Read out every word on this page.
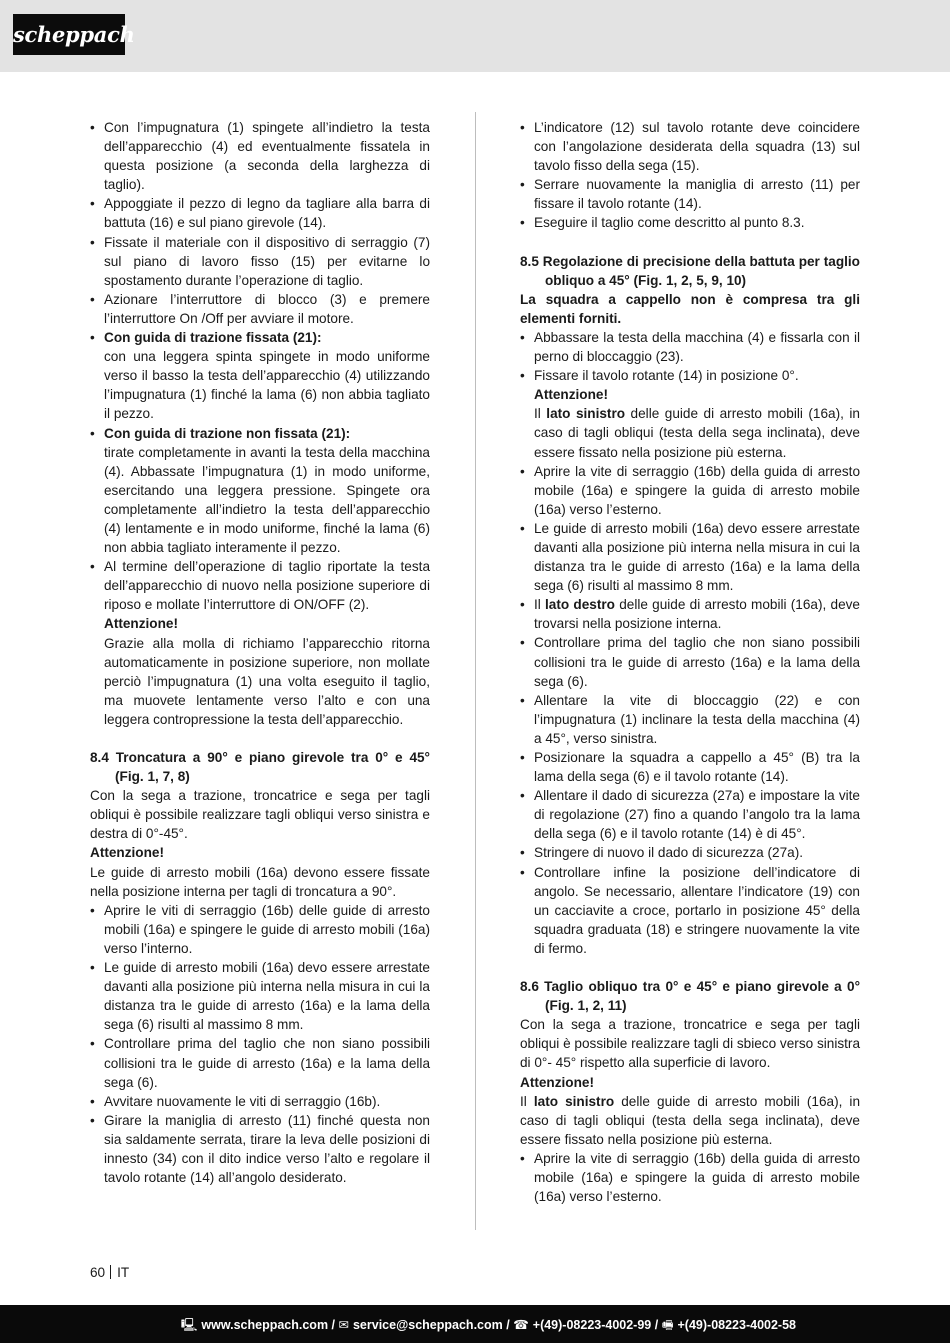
scheppach
• Con l’impugnatura (1) spingete all’indietro la testa dell’apparecchio (4) ed eventualmente fissatela in questa posizione (a seconda della larghezza di taglio).
• Appoggiate il pezzo di legno da tagliare alla barra di battuta (16) e sul piano girevole (14).
• Fissate il materiale con il dispositivo di serraggio (7) sul piano di lavoro fisso (15) per evitarne lo spostamento durante l’operazione di taglio.
• Azionare l’interruttore di blocco (3) e premere l’interruttore On /Off per avviare il motore.
• Con guida di trazione fissata (21):
con una leggera spinta spingete in modo uniforme verso il basso la testa dell’apparecchio (4) utilizzando l’impugnatura (1) finché la lama (6) non abbia tagliato il pezzo.
• Con guida di trazione non fissata (21):
tirate completamente in avanti la testa della macchina (4). Abbassate l’impugnatura (1) in modo uniforme, esercitando una leggera pressione. Spingete ora completamente all’indietro la testa dell’apparecchio (4) lentamente e in modo uniforme, finché la lama (6) non abbia tagliato interamente il pezzo.
• Al termine dell’operazione di taglio riportate la testa dell’apparecchio di nuovo nella posizione superiore di riposo e mollate l’interruttore di ON/OFF (2).
Attenzione!
Grazie alla molla di richiamo l’apparecchio ritorna automaticamente in posizione superiore, non mollate perciò l’impugnatura (1) una volta eseguito il taglio, ma muovete lentamente verso l’alto e con una leggera contropressione la testa dell’apparecchio.

8.4 Troncatura a 90° e piano girevole tra 0° e 45° (Fig. 1, 7, 8)

Con la sega a trazione, troncatrice e sega per tagli obliqui è possibile realizzare tagli obliqui verso sinistra e destra di 0°-45°.

Attenzione!

Le guide di arresto mobili (16a) devono essere fissate nella posizione interna per tagli di troncatura a 90°.

• Aprire le viti di serraggio (16b) delle guide di arresto mobili (16a) e spingere le guide di arresto mobili (16a) verso l’interno.
• Le guide di arresto mobili (16a) devo essere arrestate davanti alla posizione più interna nella misura in cui la distanza tra le guide di arresto (16a) e la lama della sega (6) risulti al massimo 8 mm.
• Controllare prima del taglio che non siano possibili collisioni tra le guide di arresto (16a) e la lama della sega (6).
• Avvitare nuovamente le viti di serraggio (16b).
• Girare la maniglia di arresto (11) finché questa non sia saldamente serrata, tirare la leva delle posizioni di innesto (34) con il dito indice verso l’alto e regolare il tavolo rotante (14) all’angolo desiderato.
• L’indicatore (12) sul tavolo rotante deve coincidere con l’angolazione desiderata della squadra (13) sul tavolo fisso della sega (15).
• Serrare nuovamente la maniglia di arresto (11) per fissare il tavolo rotante (14).
• Eseguire il taglio come descritto al punto 8.3.

8.5 Regolazione di precisione della battuta per taglio obliquo a 45° (Fig. 1, 2, 5, 9, 10)

La squadra a cappello non è compresa tra gli elementi forniti.

• Abbassare la testa della macchina (4) e fissarla con il perno di bloccaggio (23).
• Fissare il tavolo rotante (14) in posizione 0°.
Attenzione!
Il lato sinistro delle guide di arresto mobili (16a), in caso di tagli obliqui (testa della sega inclinata), deve essere fissato nella posizione più esterna.
• Aprire la vite di serraggio (16b) della guida di arresto mobile (16a) e spingere la guida di arresto mobile (16a) verso l’esterno.
• Le guide di arresto mobili (16a) devo essere arrestate davanti alla posizione più interna nella misura in cui la distanza tra le guide di arresto (16a) e la lama della sega (6) risulti al massimo 8 mm.
• Il lato destro delle guide di arresto mobili (16a), deve trovarsi nella posizione interna.
• Controllare prima del taglio che non siano possibili collisioni tra le guide di arresto (16a) e la lama della sega (6).
• Allentare la vite di bloccaggio (22) e con l’impugnatura (1) inclinare la testa della macchina (4) a 45°, verso sinistra.
• Posizionare la squadra a cappello a 45° (B) tra la lama della sega (6) e il tavolo rotante (14).
• Allentare il dado di sicurezza (27a) e impostare la vite di regolazione (27) fino a quando l’angolo tra la lama della sega (6) e il tavolo rotante (14) è di 45°.
• Stringere di nuovo il dado di sicurezza (27a).
• Controllare infine la posizione dell’indicatore di angolo. Se necessario, allentare l’indicatore (19) con un cacciavite a croce, portarlo in posizione 45° della squadra graduata (18) e stringere nuovamente la vite di fermo.

8.6 Taglio obliquo tra 0° e 45° e piano girevole a 0° (Fig. 1, 2, 11)

Con la sega a trazione, troncatrice e sega per tagli obliqui è possibile realizzare tagli di sbieco verso sinistra di 0°- 45° rispetto alla superficie di lavoro.

Attenzione!

Il lato sinistro delle guide di arresto mobili (16a), in caso di tagli obliqui (testa della sega inclinata), deve essere fissato nella posizione più esterna.

• Aprire la vite di serraggio (16b) della guida di arresto mobile (16a) e spingere la guida di arresto mobile (16a) verso l’esterno.
60 IT
🖳 www.scheppach.com / ✉ service@scheppach.com / ☎ +(49)-08223-4002-99 / 🖷 +(49)-08223-4002-58
